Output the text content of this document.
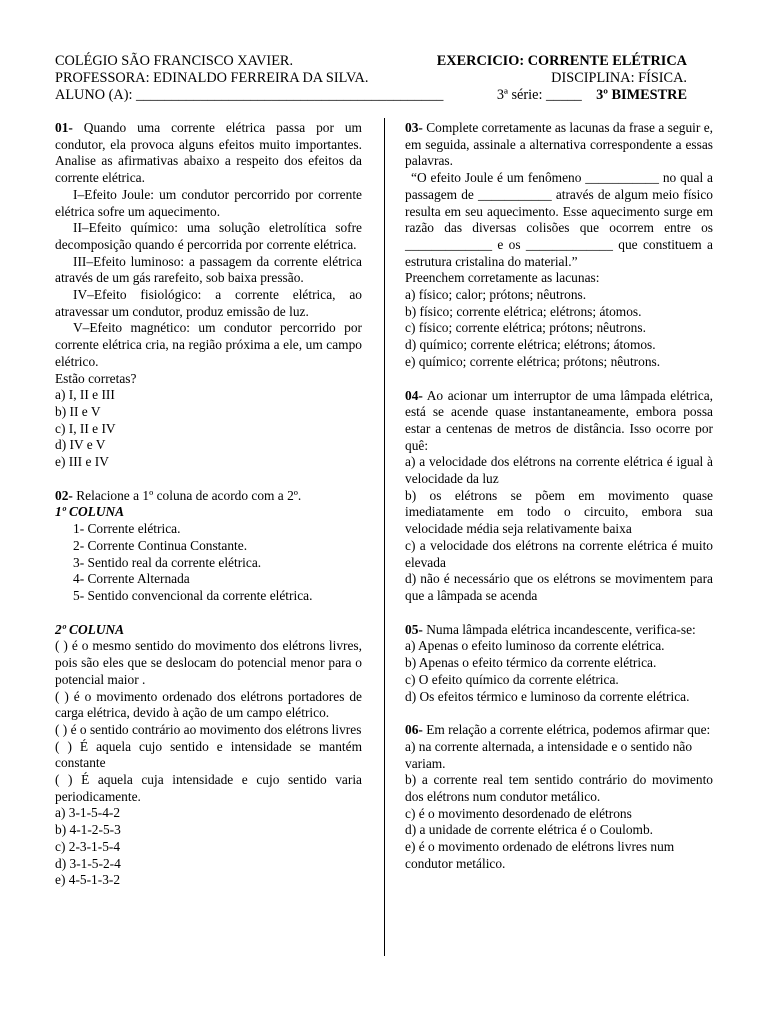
COLÉGIO SÃO FRANCISCO XAVIER.	EXERCICIO: CORRENTE ELÉTRICA
PROFESSORA: EDINALDO FERREIRA DA SILVA.	DISCIPLINA: FÍSICA.
ALUNO (A): ___________________________________________	3ª série: _____ 3º BIMESTRE

01- Quando uma corrente elétrica passa por um condutor, ela provoca alguns efeitos muito importantes. Analise as afirmativas abaixo a respeito dos efeitos da corrente elétrica.

I–Efeito Joule: um condutor percorrido por corrente elétrica sofre um aquecimento.

II–Efeito químico: uma solução eletrolítica sofre decomposição quando é percorrida por corrente elétrica.

III–Efeito luminoso: a passagem da corrente elétrica através de um gás rarefeito, sob baixa pressão.

IV–Efeito fisiológico: a corrente elétrica, ao atravessar um condutor, produz emissão de luz.

V–Efeito magnético: um condutor percorrido por corrente elétrica cria, na região próxima a ele, um campo elétrico.

Estão corretas?

a) I, II e III

b) II e V

c) I, II e IV

d) IV e V

e) III e IV

02- Relacione a 1º coluna de acordo com a 2º.

1º COLUNA

1- Corrente elétrica.

2- Corrente Continua Constante.

3- Sentido real da corrente elétrica.

4- Corrente Alternada

5- Sentido convencional da corrente elétrica.

2º COLUNA

( ) é o mesmo sentido do movimento dos elétrons livres, pois são eles que se deslocam do potencial menor para o potencial maior .

( ) é o movimento ordenado dos elétrons portadores de carga elétrica, devido à ação de um campo elétrico.

( ) é o sentido contrário ao movimento dos elétrons livres

( ) É aquela cujo sentido e intensidade se mantém constante

( ) É aquela cuja intensidade e cujo sentido varia periodicamente.

a) 3-1-5-4-2

b) 4-1-2-5-3

c) 2-3-1-5-4

d) 3-1-5-2-4

e) 4-5-1-3-2

03- Complete corretamente as lacunas da frase a seguir e, em seguida, assinale a alternativa correspondente a essas palavras.

“O efeito Joule é um fenômeno ___________ no qual a passagem de ___________ através de algum meio físico resulta em seu aquecimento. Esse aquecimento surge em razão das diversas colisões que ocorrem entre os _____________ e os _____________ que constituem a estrutura cristalina do material.”

Preenchem corretamente as lacunas:

a) físico; calor; prótons; nêutrons.

b) físico; corrente elétrica; elétrons; átomos.

c) físico; corrente elétrica; prótons; nêutrons.

d) químico; corrente elétrica; elétrons; átomos.

e) químico; corrente elétrica; prótons; nêutrons.

04- Ao acionar um interruptor de uma lâmpada elétrica, está se acende quase instantaneamente, embora possa estar a centenas de metros de distância. Isso ocorre por quê:

a) a velocidade dos elétrons na corrente elétrica é igual à velocidade da luz

b) os elétrons se põem em movimento quase imediatamente em todo o circuito, embora sua velocidade média seja relativamente baixa

c) a velocidade dos elétrons na corrente elétrica é muito elevada

d) não é necessário que os elétrons se movimentem para que a lâmpada se acenda

05- Numa lâmpada elétrica incandescente, verifica-se:

a) Apenas o efeito luminoso da corrente elétrica.

b) Apenas o efeito térmico da corrente elétrica.

c) O efeito químico da corrente elétrica.

d) Os efeitos térmico e luminoso da corrente elétrica.

06- Em relação a corrente elétrica, podemos afirmar que:

a) na corrente alternada, a intensidade e o sentido não variam.

b) a corrente real tem sentido contrário do movimento dos elétrons num condutor metálico.

c) é o movimento desordenado de elétrons

d) a unidade de corrente elétrica é o Coulomb.

e) é o movimento ordenado de elétrons livres num condutor metálico.
